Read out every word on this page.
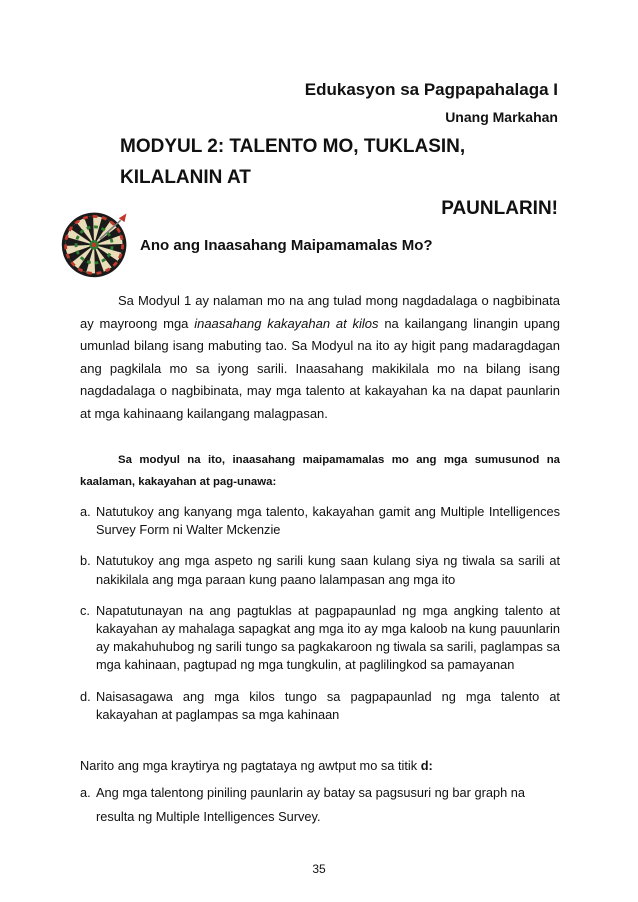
Edukasyon sa Pagpapahalaga I
Unang Markahan
MODYUL 2: TALENTO MO, TUKLASIN, KILALANIN AT
PAUNLARIN!
Ano ang Inaasahang Maipamamalas Mo?

Sa Modyul 1 ay nalaman mo na ang tulad mong nagdadalaga o nagbibinata ay mayroong mga inaasahang kakayahan at kilos na kailangang linangin upang umunlad bilang isang mabuting tao. Sa Modyul na ito ay higit pang madaragdagan ang pagkilala mo sa iyong sarili. Inaasahang makikilala mo na bilang isang nagdadalaga o nagbibinata, may mga talento at kakayahan ka na dapat paunlarin at mga kahinaang kailangang malagpasan.

Sa modyul na ito, inaasahang maipamamalas mo ang mga sumusunod na kaalaman, kakayahan at pag-unawa:

a. Natutukoy ang kanyang mga talento, kakayahan gamit ang Multiple Intelligences Survey Form ni Walter Mckenzie
b. Natutukoy ang mga aspeto ng sarili kung saan kulang siya ng tiwala sa sarili at nakikilala ang mga paraan kung paano lalampasan ang mga ito
c. Napatutunayan na ang pagtuklas at pagpapaunlad ng mga angking talento at kakayahan ay mahalaga sapagkat ang mga ito ay mga kaloob na kung pauunlarin ay makahuhubog ng sarili tungo sa pagkakaroon ng tiwala sa sarili, paglampas sa mga kahinaan, pagtupad ng mga tungkulin, at paglilingkod sa pamayanan
d. Naisasagawa ang mga kilos tungo sa pagpapaunlad ng mga talento at kakayahan at paglampas sa mga kahinaan

Narito ang mga kraytirya ng pagtataya ng awtput mo sa titik d:

a. Ang mga talentong piniling paunlarin ay batay sa pagsusuri ng bar graph na
resulta ng Multiple Intelligences Survey.
35
